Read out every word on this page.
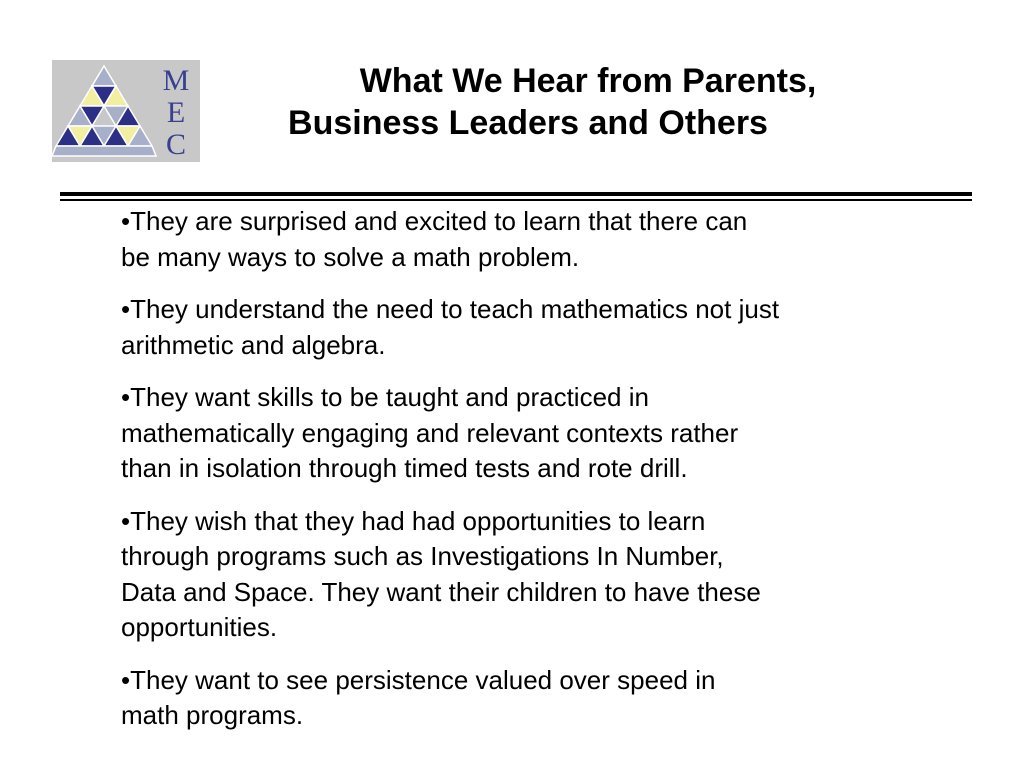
M
E
C
What We Hear from Parents,
Business Leaders and Others
•They are surprised and excited to learn that there can
be many ways to solve a math problem.
•They understand the need to teach mathematics not just
arithmetic and algebra.
•They want skills to be taught and practiced in
mathematically engaging and relevant contexts rather
than in isolation through timed tests and rote drill.
•They wish that they had had opportunities to learn
through programs such as Investigations In Number,
Data and Space. They want their children to have these
opportunities.
•They want to see persistence valued over speed in
math programs.
